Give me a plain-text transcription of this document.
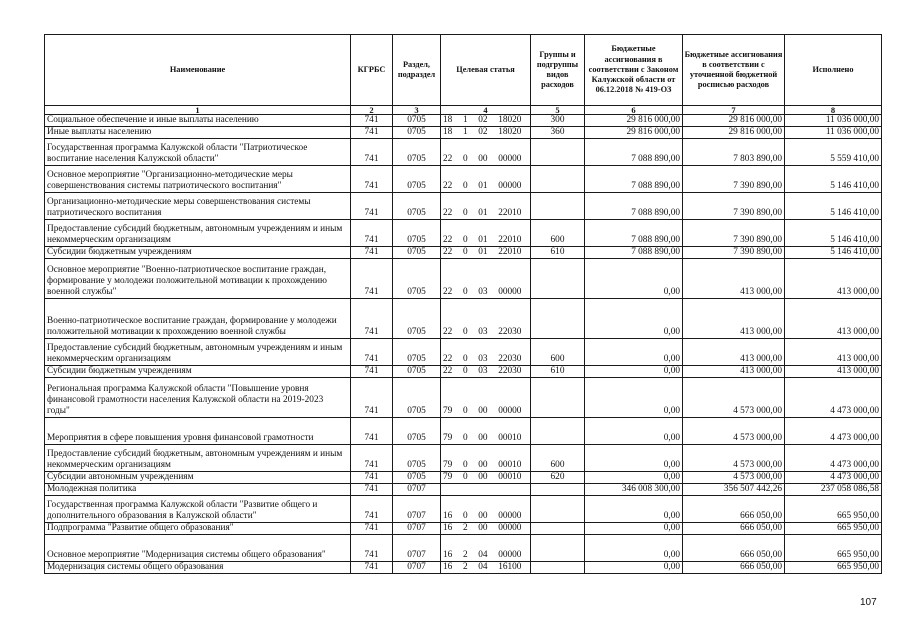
Наименование	КГРБС	Раздел, подраздел	Целевая статья	Группы и подгруппы видов расходов	Бюджетные ассигнования в соответствии с Законом Калужской области от 06.12.2018 № 419-ОЗ	Бюджетные ассигнования в соответствии с уточненной бюджетной росписью расходов	Исполнено
1	2	3	4	5	6	7	8
Социальное обеспечение и иные выплаты населению	741	0705	18  1  02  18020	300	29 816 000,00	29 816 000,00	11 036 000,00
Иные выплаты населению	741	0705	18  1  02  18020	360	29 816 000,00	29 816 000,00	11 036 000,00
Государственная программа Калужской области "Патриотическое воспитание населения Калужской области"	741	0705	22  0  00  00000		7 088 890,00	7 803 890,00	5 559 410,00
Основное мероприятие "Организационно-методические меры совершенствования системы патриотического воспитания"	741	0705	22  0  01  00000		7 088 890,00	7 390 890,00	5 146 410,00
Организационно-методические меры совершенствования системы патриотического воспитания	741	0705	22  0  01  22010		7 088 890,00	7 390 890,00	5 146 410,00
Предоставление субсидий бюджетным, автономным учреждениям и иным некоммерческим организациям	741	0705	22  0  01  22010	600	7 088 890,00	7 390 890,00	5 146 410,00
Субсидии бюджетным учреждениям	741	0705	22  0  01  22010	610	7 088 890,00	7 390 890,00	5 146 410,00
Основное мероприятие "Военно-патриотическое воспитание граждан, формирование у молодежи положительной мотивации к прохождению военной службы"	741	0705	22  0  03  00000		0,00	413 000,00	413 000,00
Военно-патриотическое воспитание граждан, формирование у молодежи положительной мотивации к прохождению военной службы	741	0705	22  0  03  22030		0,00	413 000,00	413 000,00
Предоставление субсидий бюджетным, автономным учреждениям и иным некоммерческим организациям	741	0705	22  0  03  22030	600	0,00	413 000,00	413 000,00
Субсидии бюджетным учреждениям	741	0705	22  0  03  22030	610	0,00	413 000,00	413 000,00
Региональная программа Калужской области "Повышение уровня финансовой грамотности населения Калужской области на 2019-2023 годы"	741	0705	79  0  00  00000		0,00	4 573 000,00	4 473 000,00
Мероприятия в сфере повышения уровня финансовой грамотности	741	0705	79  0  00  00010		0,00	4 573 000,00	4 473 000,00
Предоставление субсидий бюджетным, автономным учреждениям и иным некоммерческим организациям	741	0705	79  0  00  00010	600	0,00	4 573 000,00	4 473 000,00
Субсидии автономным учреждениям	741	0705	79  0  00  00010	620	0,00	4 573 000,00	4 473 000,00
Молодежная политика	741	0707			346 008 300,00	356 507 442,26	237 058 086,58
Государственная программа Калужской области "Развитие общего и дополнительного образования в Калужской области"	741	0707	16  0  00  00000		0,00	666 050,00	665 950,00
Подпрограмма "Развитие общего образования"	741	0707	16  2  00  00000		0,00	666 050,00	665 950,00
Основное мероприятие "Модернизация системы общего образования"	741	0707	16  2  04  00000		0,00	666 050,00	665 950,00
Модернизация системы общего образования	741	0707	16  2  04  16100		0,00	666 050,00	665 950,00
107
